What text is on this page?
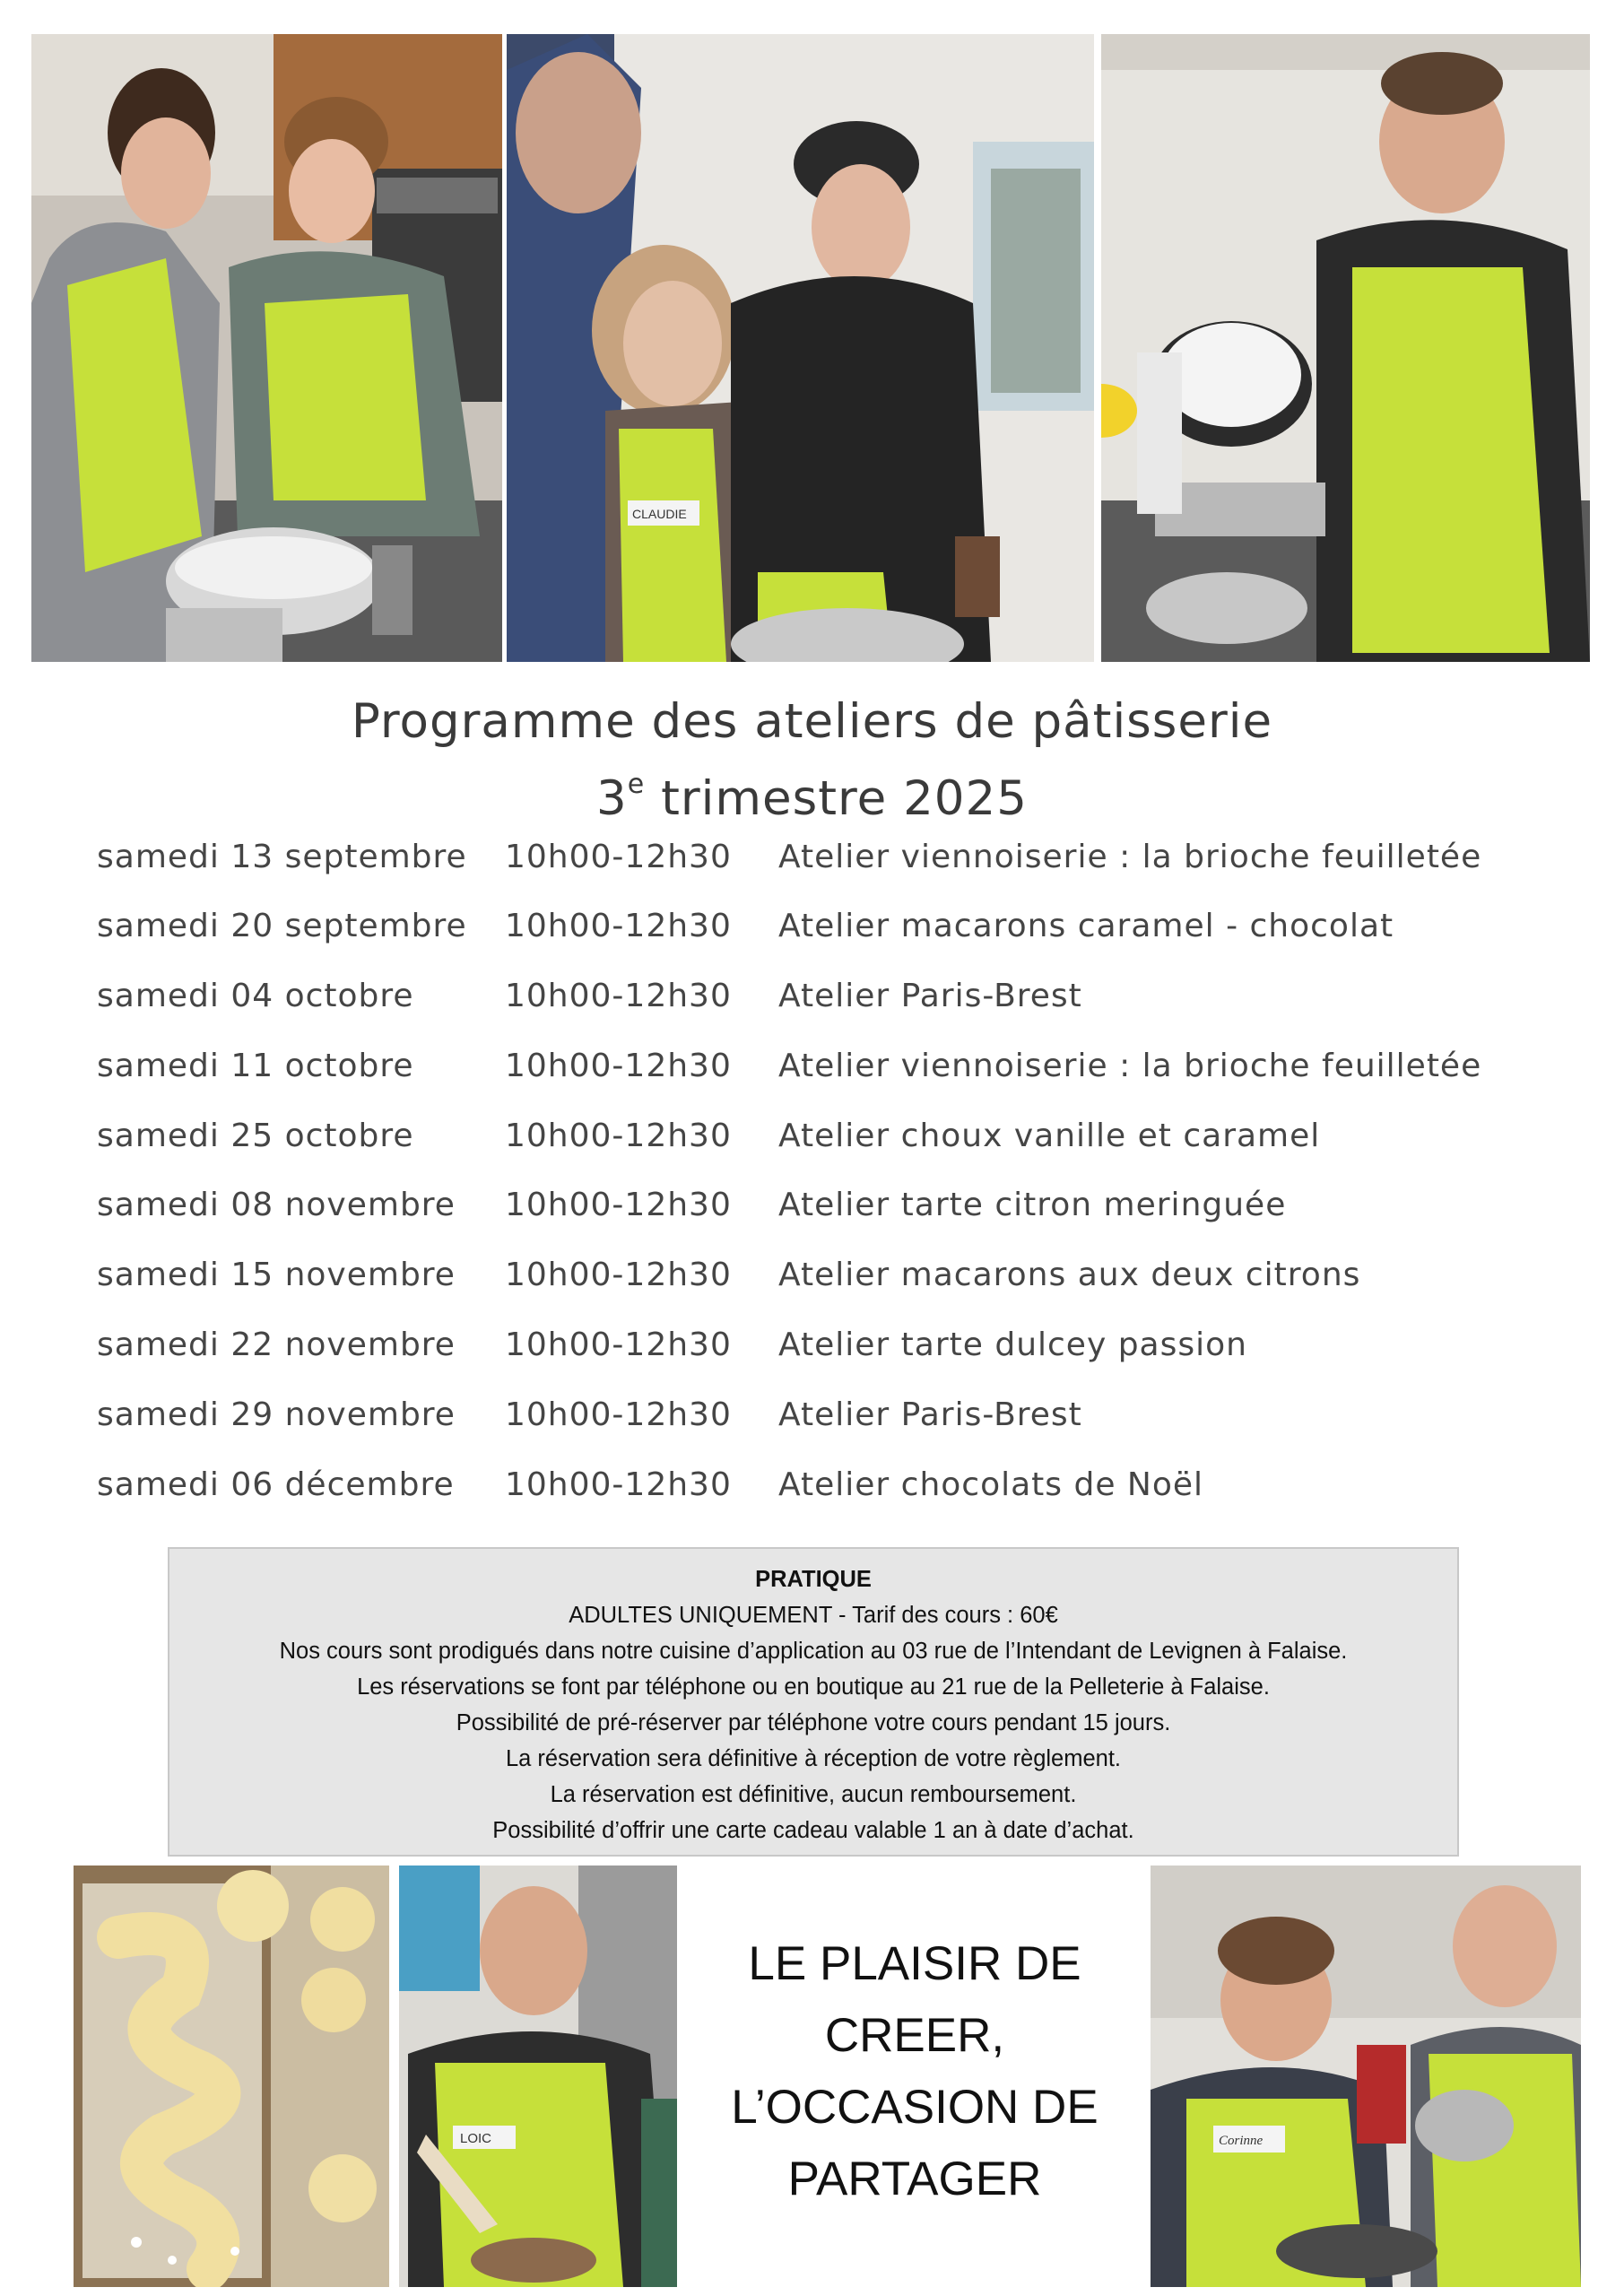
CLAUDIE
Programme des ateliers de pâtisserie
3e trimestre 2025
samedi 13 septembre 10h00-12h30 Atelier viennoiserie : la brioche feuilletée
samedi 20 septembre 10h00-12h30 Atelier macarons caramel - chocolat
samedi 04 octobre	10h00-12h30 Atelier Paris-Brest
samedi 11 octobre	10h00-12h30 Atelier viennoiserie : la brioche feuilletée
samedi 25 octobre	10h00-12h30 Atelier choux vanille et caramel
samedi 08 novembre 10h00-12h30 Atelier tarte citron meringuée
samedi 15 novembre 10h00-12h30 Atelier macarons aux deux citrons
samedi 22 novembre 10h00-12h30 Atelier tarte dulcey passion
samedi 29 novembre 10h00-12h30 Atelier Paris-Brest
samedi 06 décembre 10h00-12h30 Atelier chocolats de Noël
PRATIQUE
ADULTES UNIQUEMENT - Tarif des cours : 60€
Nos cours sont prodigués dans notre cuisine d’application au 03 rue de l’Intendant de Levignen à Falaise.
Les réservations se font par téléphone ou en boutique au 21 rue de la Pelleterie à Falaise.
Possibilité de pré-réserver par téléphone votre cours pendant 15 jours.
La réservation sera définitive à réception de votre règlement.
La réservation est définitive, aucun remboursement.
Possibilité d’offrir une carte cadeau valable 1 an à date d’achat.
LOIC
LE PLAISIR DE
CREER,
L’OCCASION DE
PARTAGER
Corinne
